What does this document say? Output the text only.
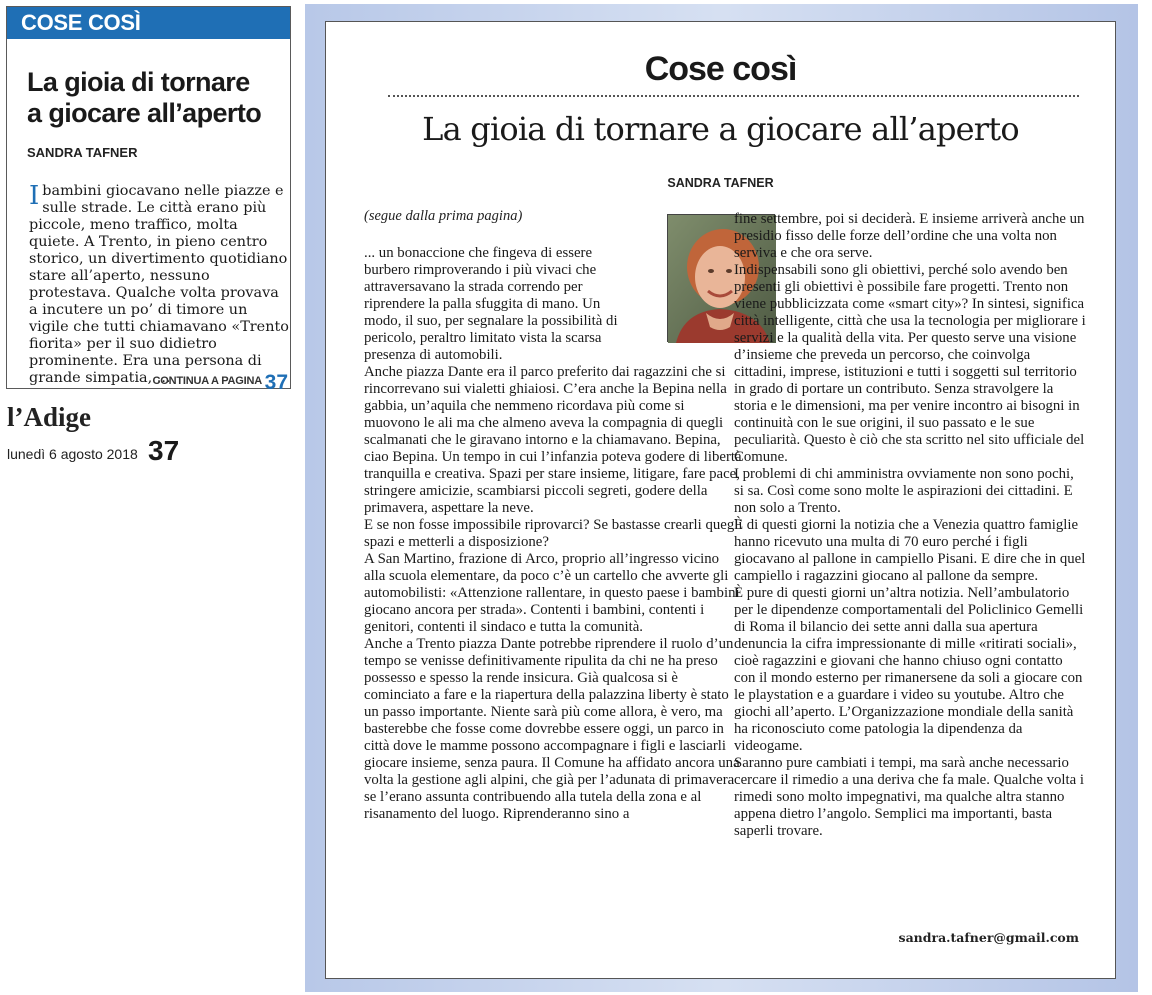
COSE COSÌ
La gioia di tornare
a giocare all’aperto
SANDRA TAFNER
Ibambini giocavano nelle piazze e sulle strade. Le città erano più piccole, meno traffico, molta quiete. A Trento, in pieno centro storico, un divertimento quotidiano stare all’aperto, nessuno protestava. Qualche volta provava a incutere un po’ di timore un vigile che tutti chiamavano «Trento fiorita» per il suo didietro prominente. Era una persona di grande simpatia, ...
CONTINUA A PAGINA 37
l’Adige
lunedì 6 agosto 2018 37
Cose così
La gioia di tornare a giocare all’aperto
SANDRA TAFNER
(segue dalla prima pagina)

... un bonaccione che fingeva di essere burbero rimproverando i più vivaci che attraversavano la strada correndo per riprendere la palla sfuggita di mano. Un modo, il suo, per segnalare la possibilità di pericolo, peraltro limitato vista la scarsa presenza di automobili.

Anche piazza Dante era il parco preferito dai ragazzini che si rincorrevano sui vialetti ghiaiosi. C’era anche la Bepina nella gabbia, un’aquila che nemmeno ricordava più come si muovono le ali ma che almeno aveva la compagnia di quegli scalmanati che le giravano intorno e la chiamavano. Bepina, ciao Bepina. Un tempo in cui l’infanzia poteva godere di libertà tranquilla e creativa. Spazi per stare insieme, litigare, fare pace, stringere amicizie, scambiarsi piccoli segreti, godere della primavera, aspettare la neve.

E se non fosse impossibile riprovarci? Se bastasse crearli quegli spazi e metterli a disposizione?

A San Martino, frazione di Arco, proprio all’ingresso vicino alla scuola elementare, da poco c’è un cartello che avverte gli automobilisti: «Attenzione rallentare, in questo paese i bambini giocano ancora per strada». Contenti i bambini, contenti i genitori, contenti il sindaco e tutta la comunità.

Anche a Trento piazza Dante potrebbe riprendere il ruolo d’un tempo se venisse definitivamente ripulita da chi ne ha preso possesso e spesso la rende insicura. Già qualcosa si è cominciato a fare e la riapertura della palazzina liberty è stato un passo importante. Niente sarà più come allora, è vero, ma basterebbe che fosse come dovrebbe essere oggi, un parco in città dove le mamme possono accompagnare i figli e lasciarli giocare insieme, senza paura. Il Comune ha affidato ancora una volta la gestione agli alpini, che già per l’adunata di primavera se l’erano assunta contribuendo alla tutela della zona e al risanamento del luogo. Riprenderanno sino a

fine settembre, poi si deciderà. E insieme arriverà anche un presidio fisso delle forze dell’ordine che una volta non serviva e che ora serve.

Indispensabili sono gli obiettivi, perché solo avendo ben presenti gli obiettivi è possibile fare progetti. Trento non viene pubblicizzata come «smart city»? In sintesi, significa città intelligente, città che usa la tecnologia per migliorare i servizi e la qualità della vita. Per questo serve una visione d’insieme che preveda un percorso, che coinvolga cittadini, imprese, istituzioni e tutti i soggetti sul territorio in grado di portare un contributo. Senza stravolgere la storia e le dimensioni, ma per venire incontro ai bisogni in continuità con le sue origini, il suo passato e le sue peculiarità. Questo è ciò che sta scritto nel sito ufficiale del Comune.

I problemi di chi amministra ovviamente non sono pochi, si sa. Così come sono molte le aspirazioni dei cittadini. E non solo a Trento.

È di questi giorni la notizia che a Venezia quattro famiglie hanno ricevuto una multa di 70 euro perché i figli giocavano al pallone in campiello Pisani. E dire che in quel campiello i ragazzini giocano al pallone da sempre.

È pure di questi giorni un’altra notizia. Nell’ambulatorio per le dipendenze comportamentali del Policlinico Gemelli di Roma il bilancio dei sette anni dalla sua apertura denuncia la cifra impressionante di mille «ritirati sociali», cioè ragazzini e giovani che hanno chiuso ogni contatto con il mondo esterno per rimanersene da soli a giocare con le playstation e a guardare i video su youtube. Altro che giochi all’aperto. L’Organizzazione mondiale della sanità ha riconosciuto come patologia la dipendenza da videogame.

Saranno pure cambiati i tempi, ma sarà anche necessario cercare il rimedio a una deriva che fa male. Qualche volta i rimedi sono molto impegnativi, ma qualche altra stanno appena dietro l’angolo. Semplici ma importanti, basta saperli trovare.

sandra.tafner@gmail.com
